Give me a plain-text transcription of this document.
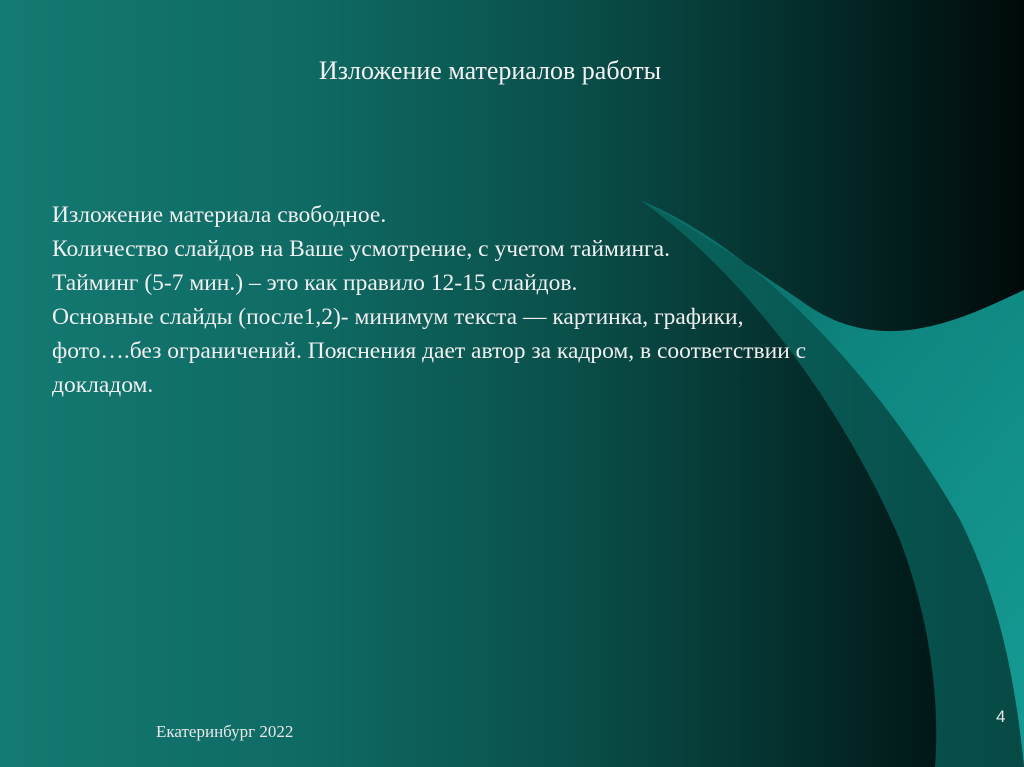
Изложение материалов работы
Изложение материала свободное.
Количество слайдов на Ваше усмотрение, с учетом тайминга.
Тайминг (5-7 мин.) – это как правило 12-15 слайдов.
Основные слайды (после1,2)- минимум текста — картинка, графики,
фото….без ограничений. Пояснения дает автор за кадром, в соответствии с
докладом.
Екатеринбург 2022
4
